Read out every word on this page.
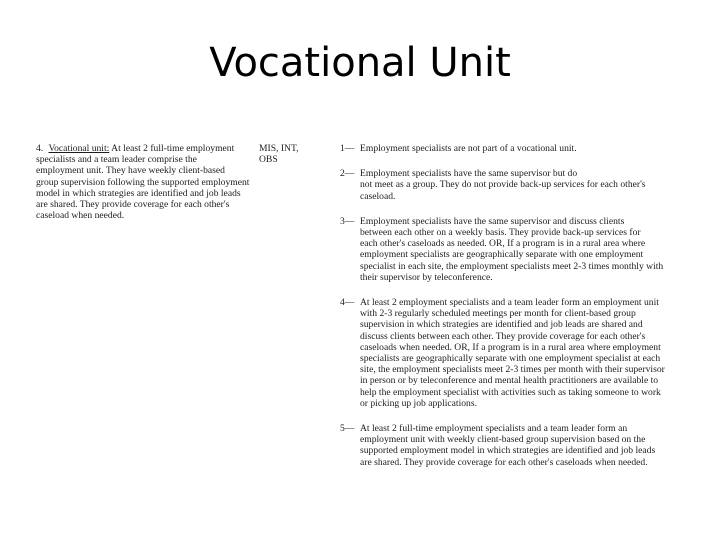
Vocational Unit
4. Vocational unit: At least 2 full-time employment
specialists and a team leader comprise the
employment unit. They have weekly client-based
group supervision following the supported employment
model in which strategies are identified and job leads
are shared. They provide coverage for each other's
caseload when needed.
MIS, INT,
OBS
1— Employment specialists are not part of a vocational unit.
2— Employment specialists have the same supervisor but do
not meet as a group. They do not provide back-up services for each other's
caseload.
3— Employment specialists have the same supervisor and discuss clients
between each other on a weekly basis. They provide back-up services for
each other's caseloads as needed. OR, If a program is in a rural area where
employment specialists are geographically separate with one employment
specialist in each site, the employment specialists meet 2-3 times monthly with
their supervisor by teleconference.
4— At least 2 employment specialists and a team leader form an employment unit
with 2-3 regularly scheduled meetings per month for client-based group
supervision in which strategies are identified and job leads are shared and
discuss clients between each other. They provide coverage for each other's
caseloads when needed. OR, If a program is in a rural area where employment
specialists are geographically separate with one employment specialist at each
site, the employment specialists meet 2-3 times per month with their supervisor
in person or by teleconference and mental health practitioners are available to
help the employment specialist with activities such as taking someone to work
or picking up job applications.
5— At least 2 full-time employment specialists and a team leader form an
employment unit with weekly client-based group supervision based on the
supported employment model in which strategies are identified and job leads
are shared. They provide coverage for each other's caseloads when needed.
